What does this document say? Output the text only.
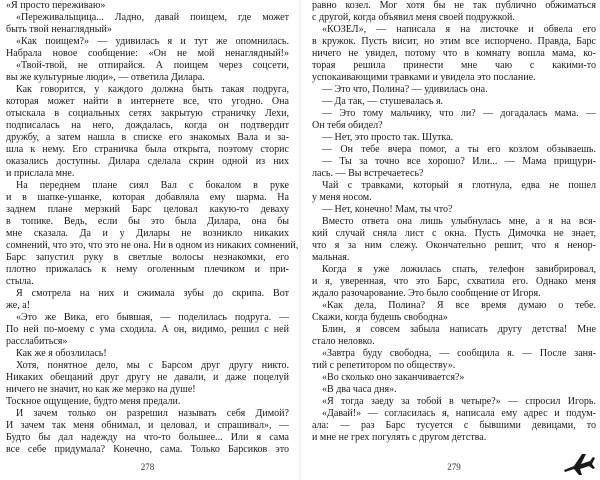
«Я просто переживаю»
«Переживальщица... Ладно, давай поищем, где может
быть твой ненаглядный»
«Как поищем?» — удивилась я и тут же опомнилась.
Набрала новое сообщение: «Он не мой ненаглядный!»
«Твой-твой, не отпирайся. А поищем через соцсети,
вы же культурные люди», — ответила Дилара.
Как говорится, у каждого должна быть такая подруга,
которая может найти в интернете все, что угодно. Она
отыскала в социальных сетях закрытую страничку Лехи,
подписалась на него, дождалась, когда он подтвердит
дружбу, а затем нашла в списке его знакомых Вала и за-
шла к нему. Его страничка была открыта, поэтому сторис
оказались доступны. Дилара сделала скрин одной из них
и прислала мне.
На переднем плане сиял Вал с бокалом в руке
и в шапке-ушанке, которая добавляла ему шарма. На
заднем плане мерзкий Барс целовал какую-то деваху
в топике. Ведь, если бы это была Дилара, она бы
мне сказала. Да и у Дилары не возникло никаких
сомнений, что это, что это не она. Ни в одном из никаких сомнений,
Барс запустил руку в светлые волосы незнакомки, его
плотно прижалась к нему оголенным плечиком и при-
стыла.
Я смотрела на них и сжимала зубы до скрипа. Вот
же, а!
«Это же Вика, его бывшая, — поделилась подруга. —
По ней по-моему с ума сходила. А он, видимо, решил с ней
расслабиться»
Как же я обозлилась!
Хотя, понятное дело, мы с Барсом друг другу никто.
Никаких обещаний друг другу не давали, и даже поцелуй
ничего не значит, но как же мерзко на душе!
Тоскное ощущение, будто меня предали.
И зачем только он разрешил называть себя Димой?
И зачем так меня обнимал, и целовал, и спрашивал», —
Будто бы дал надежду на что-то большее... Или я сама
все себе придумала? Конечно, сама. Только Барсиков это
278
равно козел. Мог хотя бы не так публично обжиматься
с другой, когда объявил меня своей подружкой.
«КОЗЕЛ», — написала я на листочке и обвела его
в кружок. Пусть висит, но этим все испорчено. Правда, Барс
ничего не увидел, потому что в комнату вошла мама, ко-
торая решила принести мне чаю с какими-то
успокаивающими травками и увидела это послание.
— Это что, Полина? — удивилась она.
— Да так, — стушевалась я.
— Это тому мальчику, что ли? — догадалась мама. —
Он тебя обидел?
— Нет, это просто так. Шутка.
— Он тебе вчера помог, а ты его козлом обзываешь.
— Ты за точно все хорошо? Или... — Мама прищури-
лась. — Вы встречаетесь?
Чай с травками, который я глотнула, едва не пошел
у меня носом.
— Нет, конечно! Мам, ты что?
Вместо ответа она лишь улыбнулась мне, а я на вся-
кий случай сняла лист с окна. Пусть Димочка не знает,
что я за ним слежу. Окончательно решит, что я ненор-
мальная.
Когда я уже ложилась спать, телефон завибрировал,
и я, уверенная, что это Барс, схватила его. Однако меня
ждало разочарование. Это было сообщение от Игоря.
«Как дела, Полина? Я все время думаю о тебе.
Скажи, когда будешь свободна»
Блин, я совсем забыла написать другу детства! Мне
стало неловко.
«Завтра буду свободна, — сообщила я. — После заня-
тий с репетитором по обществу».
«Во сколько оно заканчивается?»
«В два часа дня».
«Я тогда заеду за тобой в четыре?» — спросил Игорь.
«Давай!» — согласилась я, написала ему адрес и подум-
ала: — раз Барс тусуется с бывшими девицами, то
и мне не грех погулять с другом детства.
279
